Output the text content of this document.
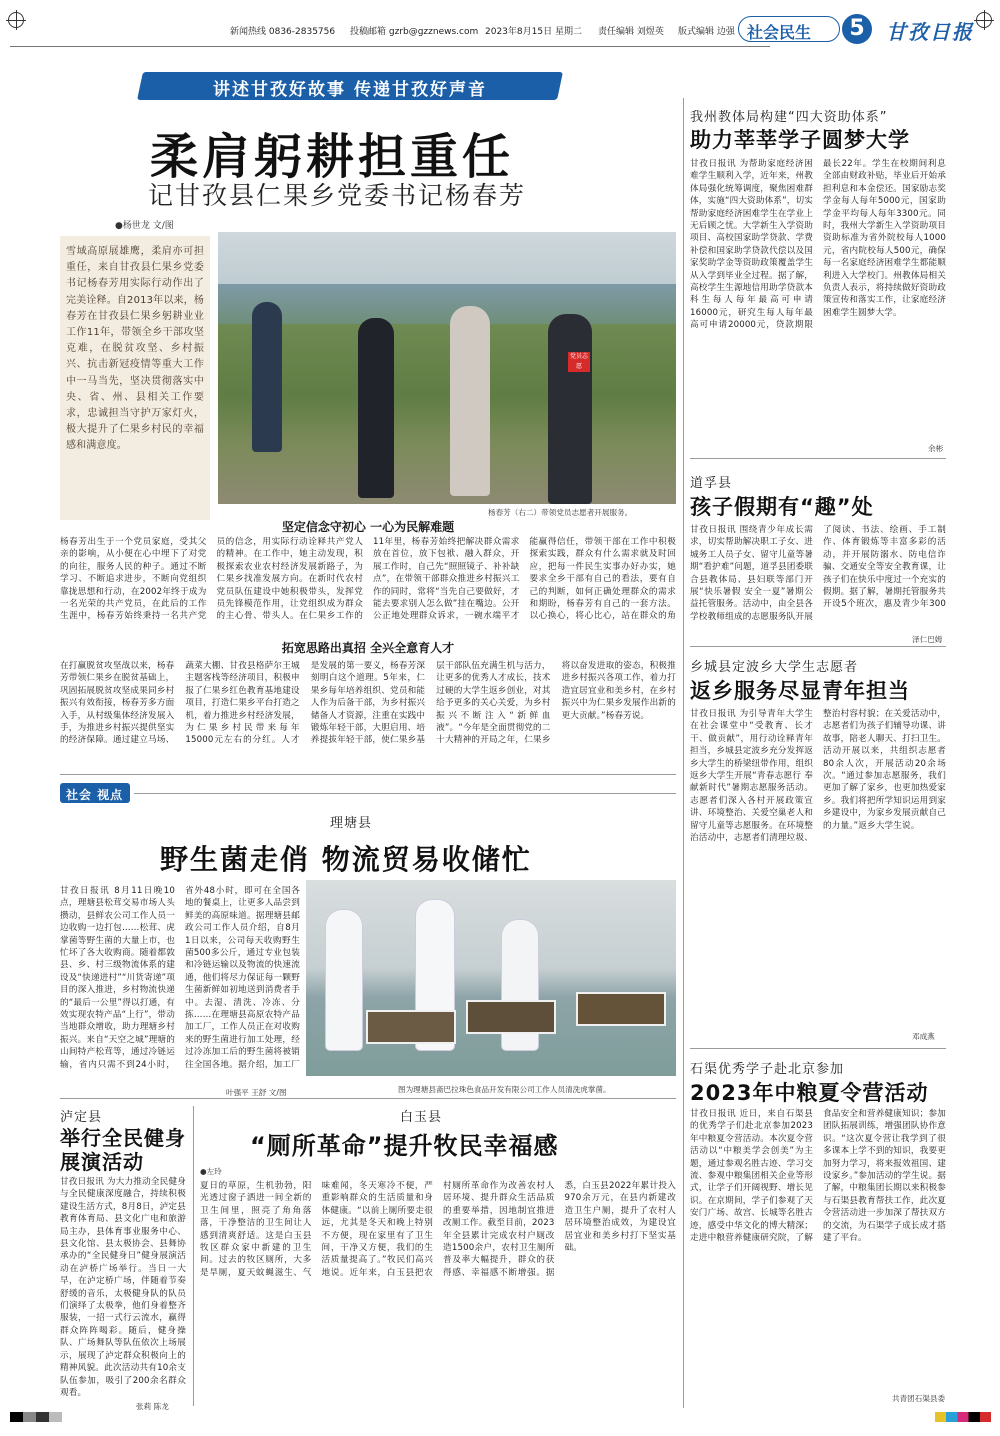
新闻热线 0836-2835756 投稿邮箱 gzrb@gzznews.com 2023年8月15日 星期二 责任编辑 刘煜英 版式编辑 边强 社会民生	5	甘孜日报
讲述甘孜好故事 传递甘孜好声音
柔肩躬耕担重任
记甘孜县仁果乡党委书记杨春芳
●杨世龙 文/图
雪域高原展雄鹰，柔肩亦可担重任，来自甘孜县仁果乡党委书记杨春芳用实际行动作出了完美诠释。自2013年以来，杨春芳在甘孜县仁果乡躬耕业业工作11年，带领全乡干部攻坚克难，在脱贫攻坚、乡村振兴、抗击新冠疫情等重大工作中一马当先，坚决贯彻落实中央、省、州、县相关工作要求，忠诚担当守护万家灯火，极大提升了仁果乡村民的幸福感和满意度。
党员志愿
杨春芳（右二）带领党员志愿者开展服务。
坚定信念守初心 一心为民解难题
杨春芳出生于一个党员家庭，受其父亲的影响，从小便在心中埋下了对党的向往，服务人民的种子。通过不断学习、不断追求进步，不断向党组织靠拢思想和行动，在2002年终于成为一名光荣的共产党员，在此后的工作生涯中，杨春芳始终秉持一名共产党员的信念，用实际行动诠释共产党人的精神。在工作中，她主动发现，积极探索农业农村经济发展新路子，为仁果乡找准发展方向。在新时代农村党员队伍建设中她积极带头，发挥党员先锋模范作用，让党组织成为群众的主心骨、带头人。在仁果乡工作的11年里，杨春芳始终把解决群众需求放在首位，放下包袱、融入群众，开展工作时，自己先“照照镜子、补补缺点”，在带领干部群众推进乡村振兴工作的同时，常将“当先自己要做好，才能去要求别人怎么做”挂在嘴边。公开公正地处理群众诉求，一碗水端平才能赢得信任，带领干部在工作中积极探索实践，群众有什么需求就及时回应，把每一件民生实事办好办实，她要求全乡干部有自己的看法，要有自己的判断，如何正确处理群众的需求和期盼，杨春芳有自己的一套方法。以心换心，将心比心，站在群众的角
拓宽思路出真招 全兴全意育人才
在打赢脱贫攻坚战以来，杨春芳带领仁果乡在脱贫基础上，巩固拓展脱贫攻坚成果同乡村振兴有效衔接，杨春芳多方面入手，从村级集体经济发展入手，为推进乡村振兴提供坚实的经济保障。通过建立马场、蔬菜大棚、甘孜县格萨尔王城主题客栈等经济项目，积极申报了仁果乡红色教育基地建设项目，打造仁果乡平台打造之机，着力推进乡村经济发展，为仁果乡村民带来每年15000元左右的分红。人才是发展的第一要义，杨春芳深刻明白这个道理。5年来，仁果乡每年培养组织、党员和能人作为后备干部，为乡村振兴储备人才资源，注重在实践中锻炼年轻干部，大胆启用、培养提拔年轻干部，使仁果乡基层干部队伍充满生机与活力，让更多的优秀人才成长，技术过硬的大学生返乡创业，对其给予更多的关心关爱，为乡村振兴不断注入“新鲜血液”。“今年是全面贯彻党的二十大精神的开局之年，仁果乡将以奋发进取的姿态，积极推进乡村振兴各项工作，着力打造宜居宜业和美乡村，在乡村振兴中为仁果乡发展作出新的更大贡献。”杨春芳说。
我州教体局构建“四大资助体系”
助力莘莘学子圆梦大学
甘孜日报讯 为帮助家庭经济困难学生顺利入学，近年来，州教体局强化统筹调度，聚焦困难群体，实施“四大资助体系”，切实帮助家庭经济困难学生在学业上无后顾之忧。大学新生入学资助项目、高校国家助学贷款、学费补偿和国家助学贷款代偿以及国家奖助学金等资助政策覆盖学生从入学到毕业全过程。据了解，高校学生生源地信用助学贷款本科生每人每年最高可申请16000元，研究生每人每年最高可申请20000元，贷款期限最长22年。学生在校期间利息全部由财政补贴，毕业后开始承担利息和本金偿还。国家励志奖学金每人每年5000元，国家助学金平均每人每年3300元。同时，我州大学新生入学资助项目资助标准为省外院校每人1000元，省内院校每人500元，确保每一名家庭经济困难学生都能顺利进入大学校门。州教体局相关负责人表示，将持续做好资助政策宣传和落实工作，让家庭经济困难学生圆梦大学。
余彬
道孚县
孩子假期有“趣”处
甘孜日报讯 围绕青少年成长需求，切实帮助解决职工子女、进城务工人员子女、留守儿童等暑期“看护难”问题，道孚县团委联合县教体局、县妇联等部门开展“快乐暑假 安全一夏”暑期公益托管服务。活动中，由全县各学校教师组成的志愿服务队开展了阅读、书法、绘画、手工制作、体育锻炼等丰富多彩的活动，并开展防溺水、防电信诈骗、交通安全等安全教育课，让孩子们在快乐中度过一个充实的假期。据了解，暑期托管服务共开设5个班次，惠及青少年300
泽仁巴姆
乡城县定波乡大学生志愿者
返乡服务尽显青年担当
甘孜日报讯 为引导青年大学生在社会课堂中“受教育、长才干、做贡献”，用行动诠释青年担当，乡城县定波乡充分发挥返乡大学生的桥梁纽带作用，组织返乡大学生开展“青春志愿行 奉献新时代”暑期志愿服务活动。志愿者们深入各村开展政策宣讲、环境整治、关爱空巢老人和留守儿童等志愿服务。在环境整治活动中，志愿者们清理垃圾、整治村容村貌；在关爱活动中，志愿者们为孩子们辅导功课、讲故事，陪老人聊天、打扫卫生。活动开展以来，共组织志愿者80余人次，开展活动20余场次。“通过参加志愿服务，我们更加了解了家乡，也更加热爱家乡。我们将把所学知识运用到家乡建设中，为家乡发展贡献自己的力量。”返乡大学生说。
邓成燕
石渠优秀学子赴北京参加
2023年中粮夏令营活动
甘孜日报讯 近日，来自石渠县的优秀学子们赴北京参加2023年中粮夏令营活动。本次夏令营活动以“中粮美学会创美”为主题，通过参观名胜古迹、学习交流、参观中粮集团相关企业等形式，让学子们开阔视野、增长见识。在京期间，学子们参观了天安门广场、故宫、长城等名胜古迹，感受中华文化的博大精深；走进中粮营养健康研究院，了解食品安全和营养健康知识；参加团队拓展训练，增强团队协作意识。“这次夏令营让我学到了很多课本上学不到的知识，我要更加努力学习，将来报效祖国、建设家乡。”参加活动的学生说。据了解，中粮集团长期以来积极参与石渠县教育帮扶工作，此次夏令营活动进一步加深了帮扶双方的交流，为石渠学子成长成才搭建了平台。
共青团石渠县委
社会 视点
理塘县
野生菌走俏 物流贸易收储忙
甘孜日报讯 8月11日晚10点，理塘县松茸交易市场人头攒动，县鲜农公司工作人员一边收购一边打包……松茸、虎掌菌等野生菌的大量上市，也忙坏了各大收购商。随着都敦县、乡、村三级物流体系的建设及“快递进村”“川货寄递”项目的深入推进，乡村物流快递的“最后一公里”得以打通，有效实现农特产品“上行”，带动当地群众增收，助力理塘乡村振兴。来自“天空之城”理塘的山间特产松茸等，通过冷链运输，省内只需不到24小时，省外48小时，即可在全国各地的餐桌上，让更多人品尝到鲜美的高原味道。据理塘县邮政公司工作人员介绍，自8月1日以来，公司每天收购野生菌500多公斤，通过专业包装和冷链运输以及物流的快速流通，他们将尽力保证每一颗野生菌新鲜如初地送到消费者手中。去湿、清洗、冷冻、分拣……在理塘县高原农特产品加工厂，工作人员正在对收购来的野生菌进行加工处理，经过冷冻加工后的野生菌将被销往全国各地。据介绍，加工厂
叶强平 王舒 文/图	图为理塘县斋巴拉珠色食品开发有限公司工作人员清洗虎掌菌。
泸定县
举行全民健身展演活动
甘孜日报讯 为大力推动全民健身与全民健康深度融合，持续积极建设生活方式，8月8日，泸定县教育体育局、县文化广电和旅游局主办，县体育事业服务中心、县文化馆、县太极协会、县舞协承办的“全民健身日”健身展演活动在泸桥广场举行。当日一大早，在泸定桥广场，伴随着节奏舒缓的音乐，太极健身队的队员们演绎了太极拳，他们身着整齐服装，一招一式行云流水，赢得群众阵阵喝彩。随后，健身操队、广场舞队等队伍依次上场展示，展现了泸定群众积极向上的精神风貌。此次活动共有10余支队伍参加，吸引了200余名群众观看。
张莉 陈龙
白玉县
“厕所革命”提升牧民幸福感
●左玲
夏日的草原，生机勃勃，阳光透过窗子洒进一间全新的卫生间里，照亮了角角落落，干净整洁的卫生间让人感到清爽舒适。这是白玉县牧区群众家中新建的卫生间。过去的牧区厕所，大多是旱厕，夏天蚊蝇滋生、气味难闻，冬天寒冷不便，严重影响群众的生活质量和身体健康。“以前上厕所要走很远，尤其是冬天和晚上特别不方便，现在家里有了卫生间，干净又方便，我们的生活质量提高了。”牧民们高兴地说。近年来，白玉县把农村厕所革命作为改善农村人居环境、提升群众生活品质的重要举措，因地制宜推进改厕工作。截至目前，2023年全县累计完成农村户厕改造1500余户，农村卫生厕所普及率大幅提升，群众的获得感、幸福感不断增强。据悉，白玉县2022年累计投入970余万元，在县内新建改造卫生户厕，提升了农村人居环境整治成效，为建设宜居宜业和美乡村打下坚实基础。
